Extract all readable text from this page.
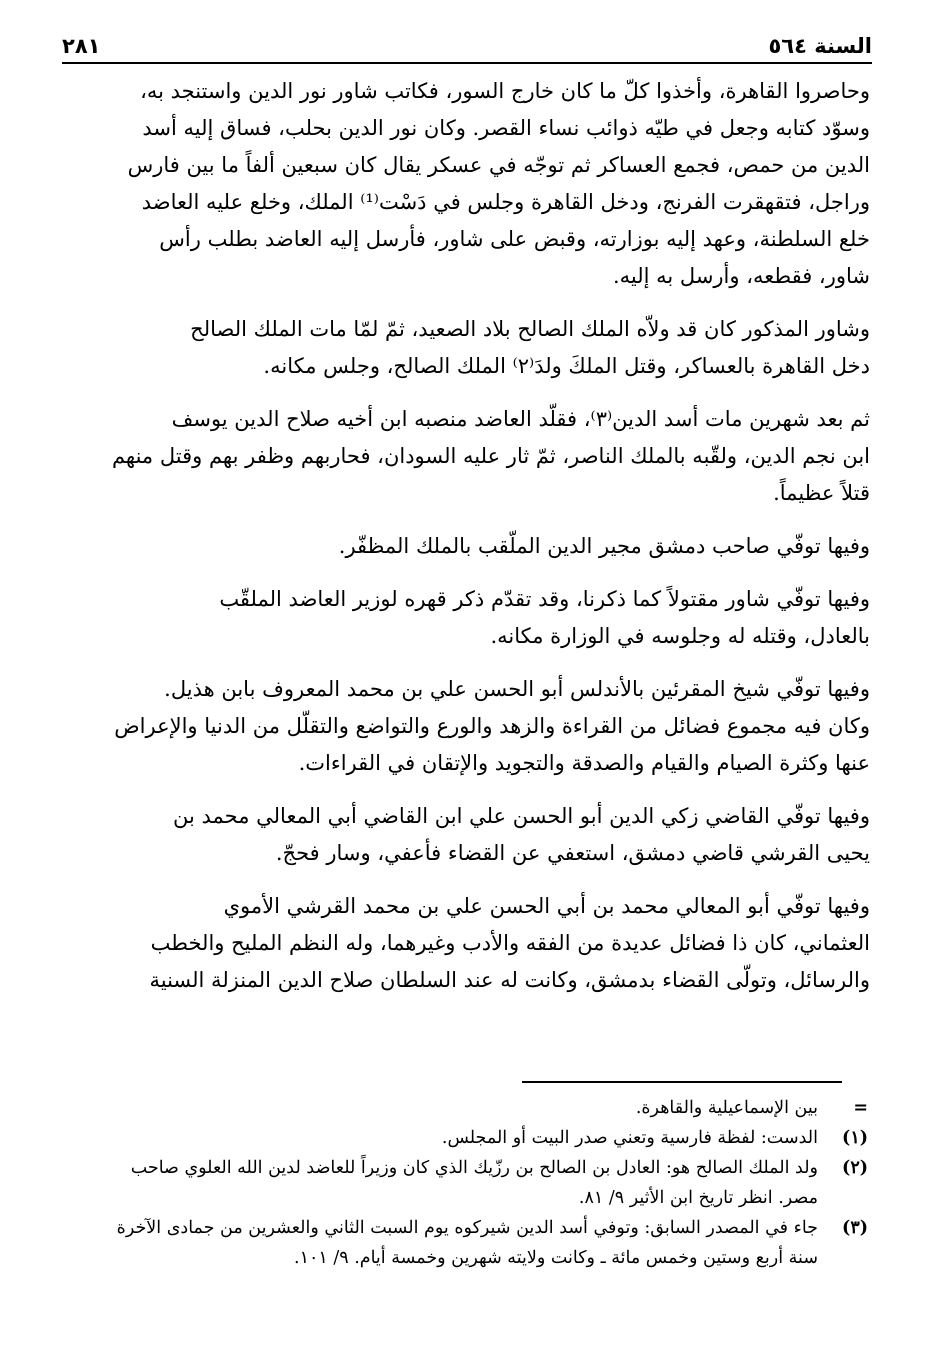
السنة ٥٦٤
٢٨١

وحاصروا القاهرة، وأخذوا كلّ ما كان خارج السور، فكاتب شاور نور الدين واستنجد به،

وسوّد كتابه وجعل في طيّه ذوائب نساء القصر. وكان نور الدين بحلب، فساق إليه أسد

الدين من حمص، فجمع العساكر ثم توجّه في عسكر يقال كان سبعين ألفاً ما بين فارس

وراجل، فتقهقرت الفرنج، ودخل القاهرة وجلس في دَسْت⁽¹⁾ الملك، وخلع عليه العاضد

خلع السلطنة، وعهد إليه بوزارته، وقبض على شاور، فأرسل إليه العاضد بطلب رأس

شاور، فقطعه، وأرسل به إليه.

وشاور المذكور كان قد ولاّه الملك الصالح بلاد الصعيد، ثمّ لمّا مات الملك الصالح

دخل القاهرة بالعساكر، وقتل الملكَ ولدَ⁽٢⁾ الملك الصالح، وجلس مكانه.

ثم بعد شهرين مات أسد الدين⁽٣⁾، فقلّد العاضد منصبه ابن أخيه صلاح الدين يوسف

ابن نجم الدين، ولقّبه بالملك الناصر، ثمّ ثار عليه السودان، فحاربهم وظفر بهم وقتل منهم

قتلاً عظيماً.

وفيها توفّي صاحب دمشق مجير الدين الملّقب بالملك المظفّر.

وفيها توفّي شاور مقتولاً كما ذكرنا، وقد تقدّم ذكر قهره لوزير العاضد الملقّب

بالعادل، وقتله له وجلوسه في الوزارة مكانه.

وفيها توفّي شيخ المقرئين بالأندلس أبو الحسن علي بن محمد المعروف بابن هذيل.

وكان فيه مجموع فضائل من القراءة والزهد والورع والتواضع والتقلّل من الدنيا والإعراض

عنها وكثرة الصيام والقيام والصدقة والتجويد والإتقان في القراءات.

وفيها توفّي القاضي زكي الدين أبو الحسن علي ابن القاضي أبي المعالي محمد بن

يحيى القرشي قاضي دمشق، استعفي عن القضاء فأعفي، وسار فحجّ.

وفيها توفّي أبو المعالي محمد بن أبي الحسن علي بن محمد القرشي الأموي

العثماني، كان ذا فضائل عديدة من الفقه والأدب وغيرهما، وله النظم المليح والخطب

والرسائل، وتولّى القضاء بدمشق، وكانت له عند السلطان صلاح الدين المنزلة السنية

=
بين الإسماعيلية والقاهرة.
(١)
الدست: لفظة فارسية وتعني صدر البيت أو المجلس.
(٢)
ولد الملك الصالح هو: العادل بن الصالح بن رزّيك الذي كان وزيراً للعاضد لدين الله العلوي صاحب
مصر. انظر تاريخ ابن الأثير ٩/ ٨١.
(٣)
جاء في المصدر السابق: وتوفي أسد الدين شيركوه يوم السبت الثاني والعشرين من جمادى الآخرة
سنة أربع وستين وخمس مائة ـ وكانت ولايته شهرين وخمسة أيام. ٩/ ١٠١.
